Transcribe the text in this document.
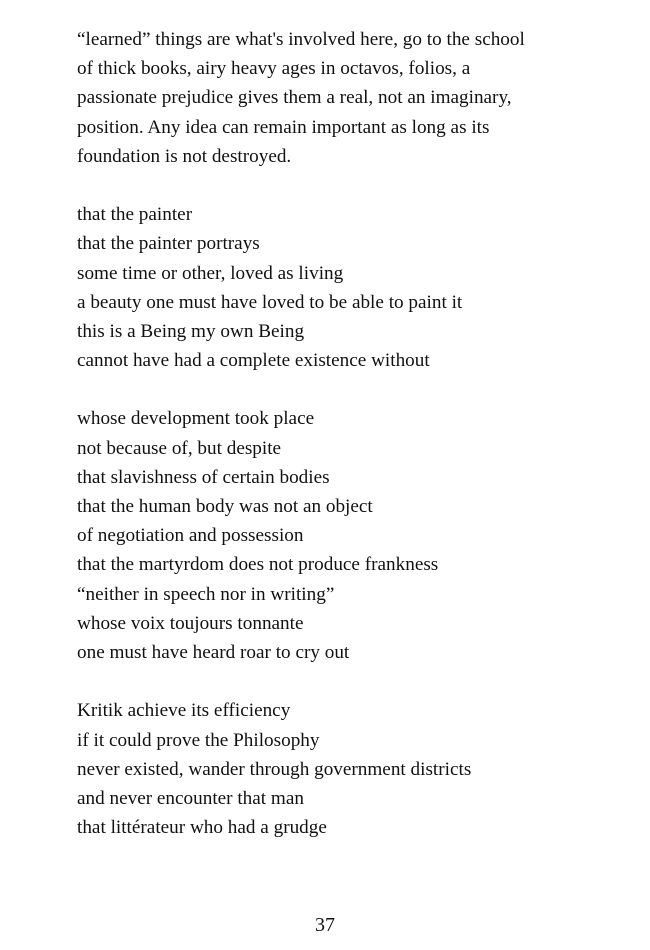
“learned” things are what's involved here, go to the school
of thick books, airy heavy ages in octavos, folios, a
passionate prejudice gives them a real, not an imaginary,
position. Any idea can remain important as long as its
foundation is not destroyed.
that the painter
that the painter portrays
some time or other, loved as living
a beauty one must have loved to be able to paint it
this is a Being my own Being
cannot have had a complete existence without
whose development took place
not because of, but despite
that slavishness of certain bodies
that the human body was not an object
of negotiation and possession
that the martyrdom does not produce frankness
“neither in speech nor in writing”
whose voix toujours tonnante
one must have heard roar to cry out
Kritik achieve its efficiency
if it could prove the Philosophy
never existed, wander through government districts
and never encounter that man
that littérateur who had a grudge
37
